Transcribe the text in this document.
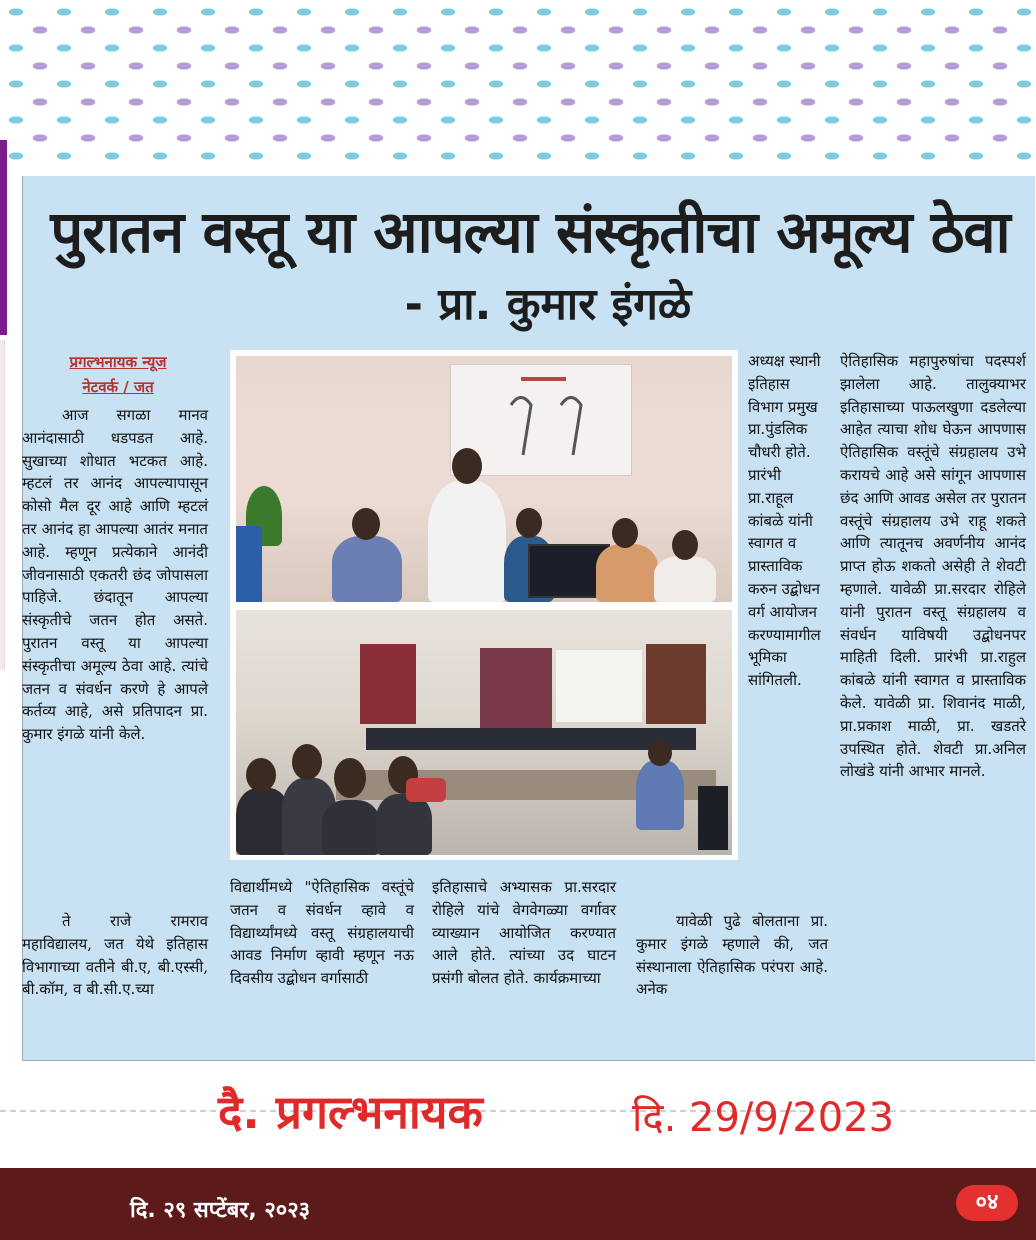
पुरातन वस्तू या आपल्या संस्कृतीचा अमूल्य ठेवा
- प्रा. कुमार इंगळे
प्रगल्भनायक न्यूज
नेटवर्क / जत

आज सगळा मानव आनंदासाठी धडपडत आहे. सुखाच्या शोधात भटकत आहे. म्हटलं तर आनंद आपल्यापासून कोसो मैल दूर आहे आणि म्हटलं तर आनंद हा आपल्या आतंर मनात आहे. म्हणून प्रत्येकाने आनंदी जीवनासाठी एकतरी छंद जोपासला पाहिजे. छंदातून आपल्या संस्कृतीचे जतन होत असते. पुरातन वस्तू या आपल्या संस्कृतीचा अमूल्य ठेवा आहे. त्यांचे जतन व संवर्धन करणे हे आपले कर्तव्य आहे, असे प्रतिपादन प्रा. कुमार इंगळे यांनी केले.

ते राजे रामराव महाविद्यालय, जत येथे इतिहास विभागाच्या वतीने बी.ए, बी.एस्सी, बी.कॉम, व बी.सी.ए.च्या

अध्यक्ष स्थानी इतिहास विभाग प्रमुख प्रा.पुंडलिक चौधरी होते. प्रारंभी प्रा.राहूल कांबळे यांनी स्वागत व प्रास्ताविक करुन उद्बोधन वर्ग आयोजन करण्यामागील भूमिका सांगितली.
ऐतिहासिक महापुरुषांचा पदस्पर्श झालेला आहे. तालुक्याभर इतिहासाच्या पाऊलखुणा दडलेल्या आहेत त्याचा शोध घेऊन आपणास ऐतिहासिक वस्तूंचे संग्रहालय उभे करायचे आहे असे सांगून आपणास छंद आणि आवड असेल तर पुरातन वस्तूंचे संग्रहालय उभे राहू शकते आणि त्यातूनच अवर्णनीय आनंद प्राप्त होऊ शकतो असेही ते शेवटी म्हणाले. यावेळी प्रा.सरदार रोहिले यांनी पुरातन वस्तू संग्रहालय व संवर्धन याविषयी उद्बोधनपर माहिती दिली. प्रारंभी प्रा.राहुल कांबळे यांनी स्वागत व प्रास्ताविक केले. यावेळी प्रा. शिवानंद माळी, प्रा.प्रकाश माळी, प्रा. खडतरे उपस्थित होते. शेवटी प्रा.अनिल लोखंडे यांनी आभार मानले.
विद्यार्थीमध्ये "ऐतिहासिक वस्तूंचे जतन व संवर्धन व्हावे व विद्यार्थ्यांमध्ये वस्तू संग्रहालयाची आवड निर्माण व्हावी म्हणून नऊ दिवसीय उद्बोधन वर्गासाठी
इतिहासाचे अभ्यासक प्रा.सरदार रोहिले यांचे वेगवेगळ्या वर्गावर व्याख्यान आयोजित करण्यात आले होते. त्यांच्या उद घाटन प्रसंगी बोलत होते. कार्यक्रमाच्या

यावेळी पुढे बोलताना प्रा. कुमार इंगळे म्हणाले की, जत संस्थानाला ऐतिहासिक परंपरा आहे. अनेक

दै. प्रगल्भनायक	दि. 29/9/2023
दि. २९ सप्टेंबर, २०२३	०४
